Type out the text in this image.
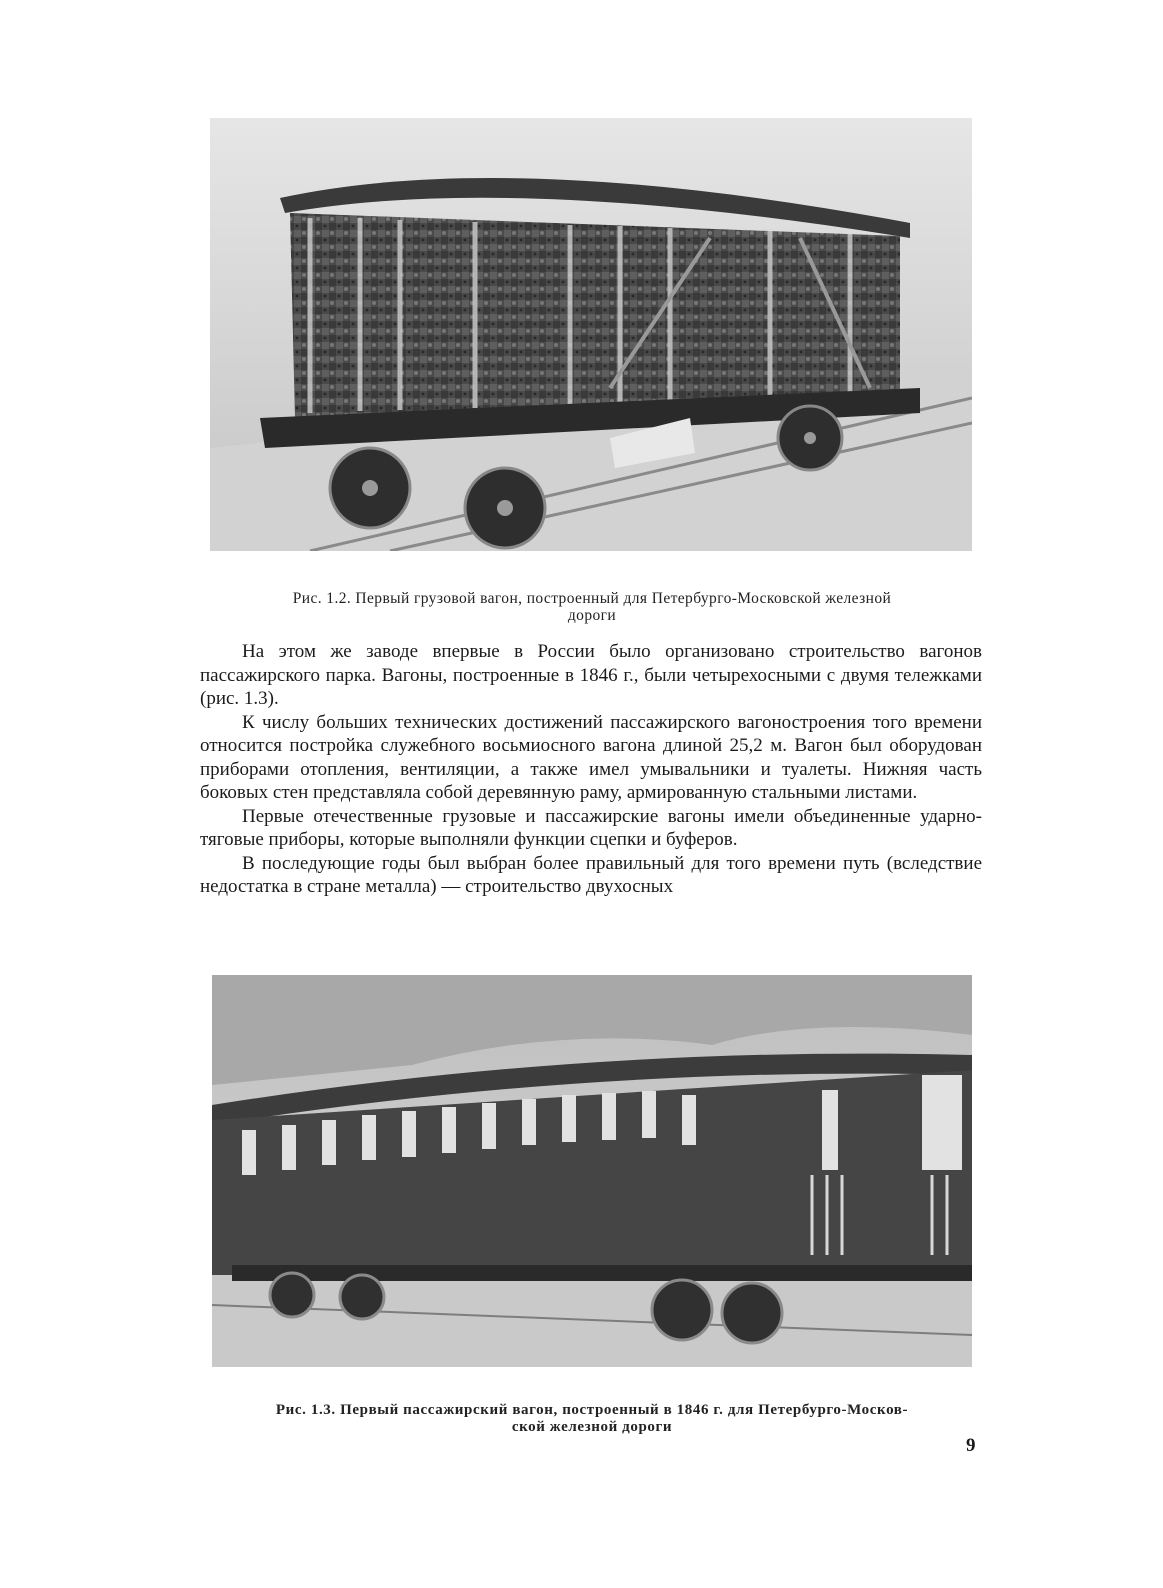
Рис. 1.2. Первый грузовой вагон, построенный для Петербурго-Московской железной
дороги

На этом же заводе впервые в России было организовано строительство вагонов пассажирского парка. Вагоны, построенные в 1846 г., были четырехосными с двумя тележками (рис. 1.3).

К числу больших технических достижений пассажирского вагоностроения того времени относится постройка служебного восьмиосного вагона длиной 25,2 м. Вагон был оборудован приборами отопления, вентиляции, а также имел умывальники и туалеты. Нижняя часть боковых стен представляла собой деревянную раму, армированную стальными листами.

Первые отечественные грузовые и пассажирские вагоны имели объединенные ударно-тяговые приборы, которые выполняли функции сцепки и буферов.

В последующие годы был выбран более правильный для того времени путь (вследствие недостатка в стране металла) — строительство двухосных

Рис. 1.3. Первый пассажирский вагон, построенный в 1846 г. для Петербурго-Москов-
ской железной дороги
9
